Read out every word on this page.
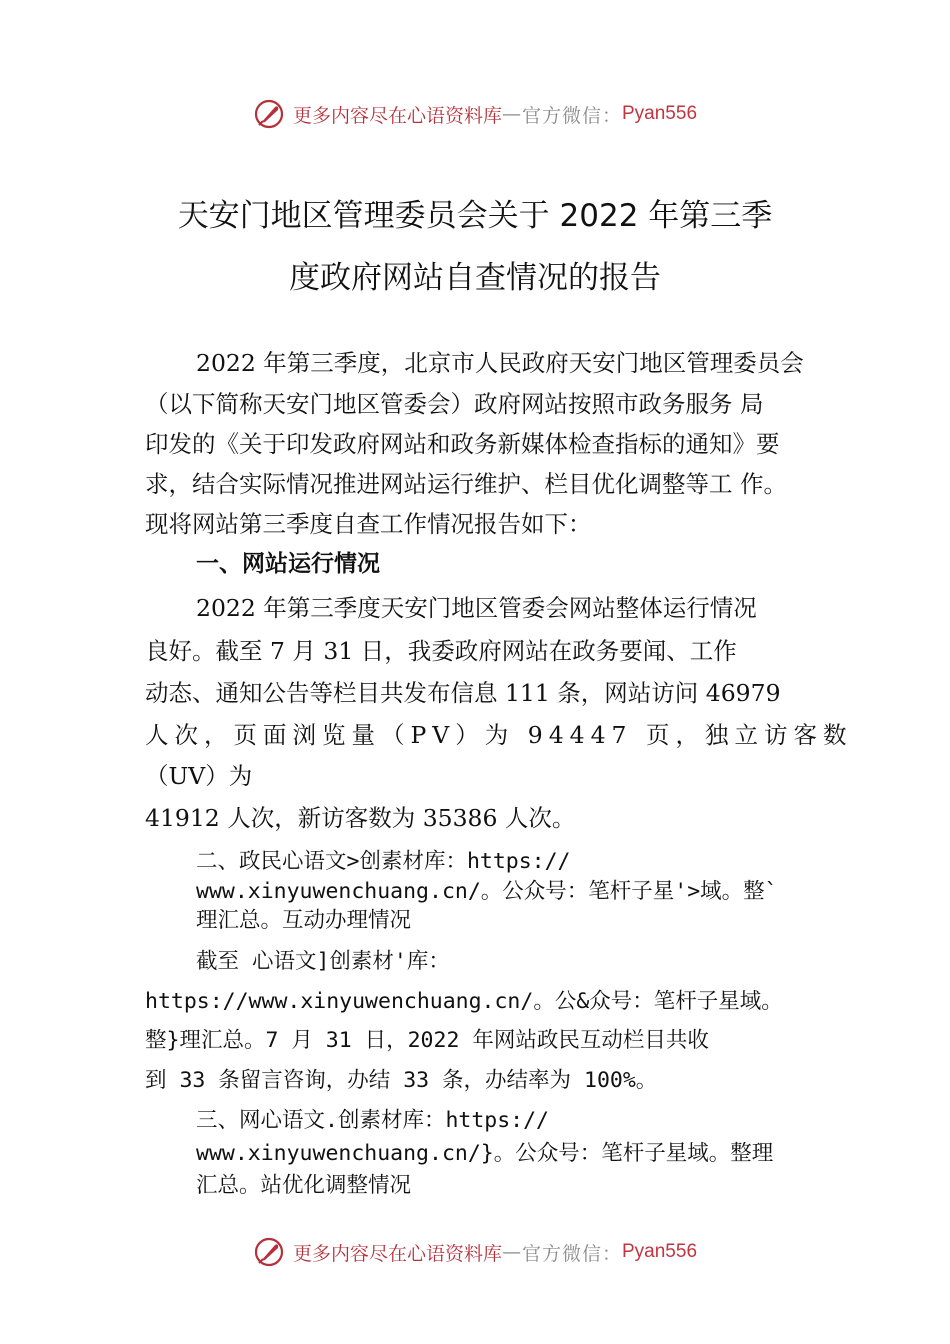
更多内容尽在心语资料库 — 官方微信： Pyan556
天安门地区管理委员会关于 2022 年第三季
度政府网站自查情况的报告
2022 年第三季度，北京市人民政府天安门地区管理委员会
（以下简称天安门地区管委会）政府网站按照市政务服务 局
印发的《关于印发政府网站和政务新媒体检查指标的通知》要
求，结合实际情况推进网站运行维护、栏目优化调整等工 作。
现将网站第三季度自查工作情况报告如下：
一、网站运行情况
2022 年第三季度天安门地区管委会网站整体运行情况
良好。截至 7 月 31 日，我委政府网站在政务要闻、工作
动态、通知公告等栏目共发布信息 111 条，网站访问 46979
人次，页面浏览量（PV）为 94447 页，独立访客数
（UV）为
41912 人次，新访客数为 35386 人次。
二、政民心语文>创素材库：https://
www.xinyuwenchuang.cn/。公众号：笔杆子星'>域。整`
理汇总。互动办理情况
截至 心语文]创素材'库：
https://www.xinyuwenchuang.cn/。公&众号：笔杆子星域。
整}理汇总。7 月 31 日，2022 年网站政民互动栏目共收
到 33 条留言咨询，办结 33 条，办结率为 100%。
三、网心语文.创素材库：https://
www.xinyuwenchuang.cn/}。公众号：笔杆子星域。整理
汇总。站优化调整情况
更多内容尽在心语资料库 — 官方微信： Pyan556
